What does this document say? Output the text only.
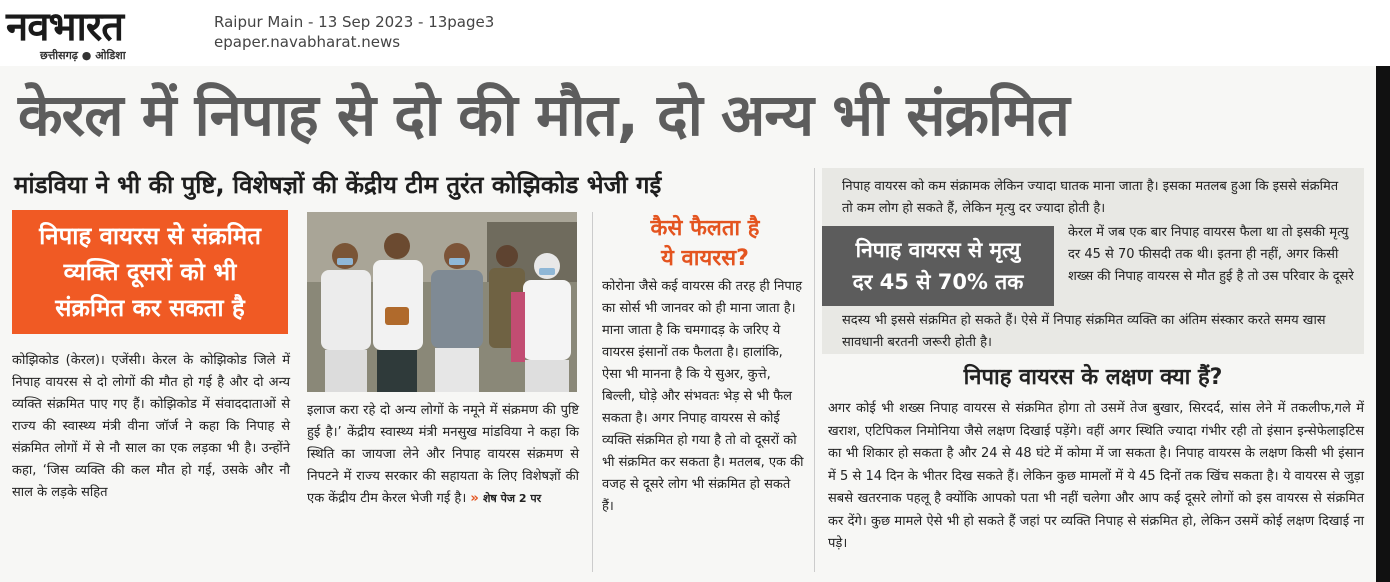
नवभारत
छत्तीसगढ़ ● ओडिशा
Raipur Main - 13 Sep 2023 - 13page3
epaper.navabharat.news
केरल में निपाह से दो की मौत, दो अन्य भी संक्रमित
मांडविया ने भी की पुष्टि, विशेषज्ञों की केंद्रीय टीम तुरंत कोझिकोड भेजी गई
निपाह वायरस से संक्रमित
व्यक्ति दूसरों को भी
संक्रमित कर सकता है
कोझिकोड (केरल)। एजेंसी। केरल के कोझिकोड जिले में निपाह वायरस से दो लोगों की मौत हो गई है और दो अन्य व्यक्ति संक्रमित पाए गए हैं। कोझिकोड में संवाददाताओं से राज्य की स्वास्थ्य मंत्री वीना जॉर्ज ने कहा कि निपाह से संक्रमित लोगों में से नौ साल का एक लड़का भी है। उन्होंने कहा, ‘जिस व्यक्ति की कल मौत हो गई, उसके और नौ साल के लड़के सहित
इलाज करा रहे दो अन्य लोगों के नमूने में संक्रमण की पुष्टि हुई है।’ केंद्रीय स्वास्थ्य मंत्री मनसुख मांडविया ने कहा कि स्थिति का जायजा लेने और निपाह वायरस संक्रमण से निपटने में राज्य सरकार की सहायता के लिए विशेषज्ञों की एक केंद्रीय टीम केरल भेजी गई है। » शेष पेज 2 पर
कैसे फैलता है
ये वायरस?
कोरोना जैसे कई वायरस की तरह ही निपाह का सोर्स भी जानवर को ही माना जाता है। माना जाता है कि चमगादड़ के जरिए ये वायरस इंसानों तक फैलता है। हालांकि, ऐसा भी मानना है कि ये सुअर, कुत्ते, बिल्ली, घोड़े और संभवतः भेड़ से भी फैल सकता है। अगर निपाह वायरस से कोई व्यक्ति संक्रमित हो गया है तो वो दूसरों को भी संक्रमित कर सकता है। मतलब, एक की वजह से दूसरे लोग भी संक्रमित हो सकते हैं।
निपाह वायरस को कम संक्रामक लेकिन ज्यादा घातक माना जाता है। इसका मतलब हुआ कि इससे संक्रमित तो कम लोग हो सकते हैं, लेकिन मृत्यु दर ज्यादा होती है।
निपाह वायरस से मृत्यु
दर 45 से 70% तक
केरल में जब एक बार निपाह वायरस फैला था तो इसकी मृत्यु दर 45 से 70 फीसदी तक थी। इतना ही नहीं, अगर किसी शख्स की निपाह वायरस से मौत हुई है तो उस परिवार के दूसरे
सदस्य भी इससे संक्रमित हो सकते हैं। ऐसे में निपाह संक्रमित व्यक्ति का अंतिम संस्कार करते समय खास सावधानी बरतनी जरूरी होती है।
निपाह वायरस के लक्षण क्या हैं?
अगर कोई भी शख्स निपाह वायरस से संक्रमित होगा तो उसमें तेज बुखार, सिरदर्द, सांस लेने में तकलीफ,गले में खराश, एटिपिकल निमोनिया जैसे लक्षण दिखाई पड़ेंगे। वहीं अगर स्थिति ज्यादा गंभीर रही तो इंसान इन्सेफेलाइटिस का भी शिकार हो सकता है और 24 से 48 घंटे में कोमा में जा सकता है। निपाह वायरस के लक्षण किसी भी इंसान में 5 से 14 दिन के भीतर दिख सकते हैं। लेकिन कुछ मामलों में ये 45 दिनों तक खिंच सकता है। ये वायरस से जुड़ा सबसे खतरनाक पहलू है क्योंकि आपको पता भी नहीं चलेगा और आप कई दूसरे लोगों को इस वायरस से संक्रमित कर देंगे। कुछ मामले ऐसे भी हो सकते हैं जहां पर व्यक्ति निपाह से संक्रमित हो, लेकिन उसमें कोई लक्षण दिखाई ना पड़े।
